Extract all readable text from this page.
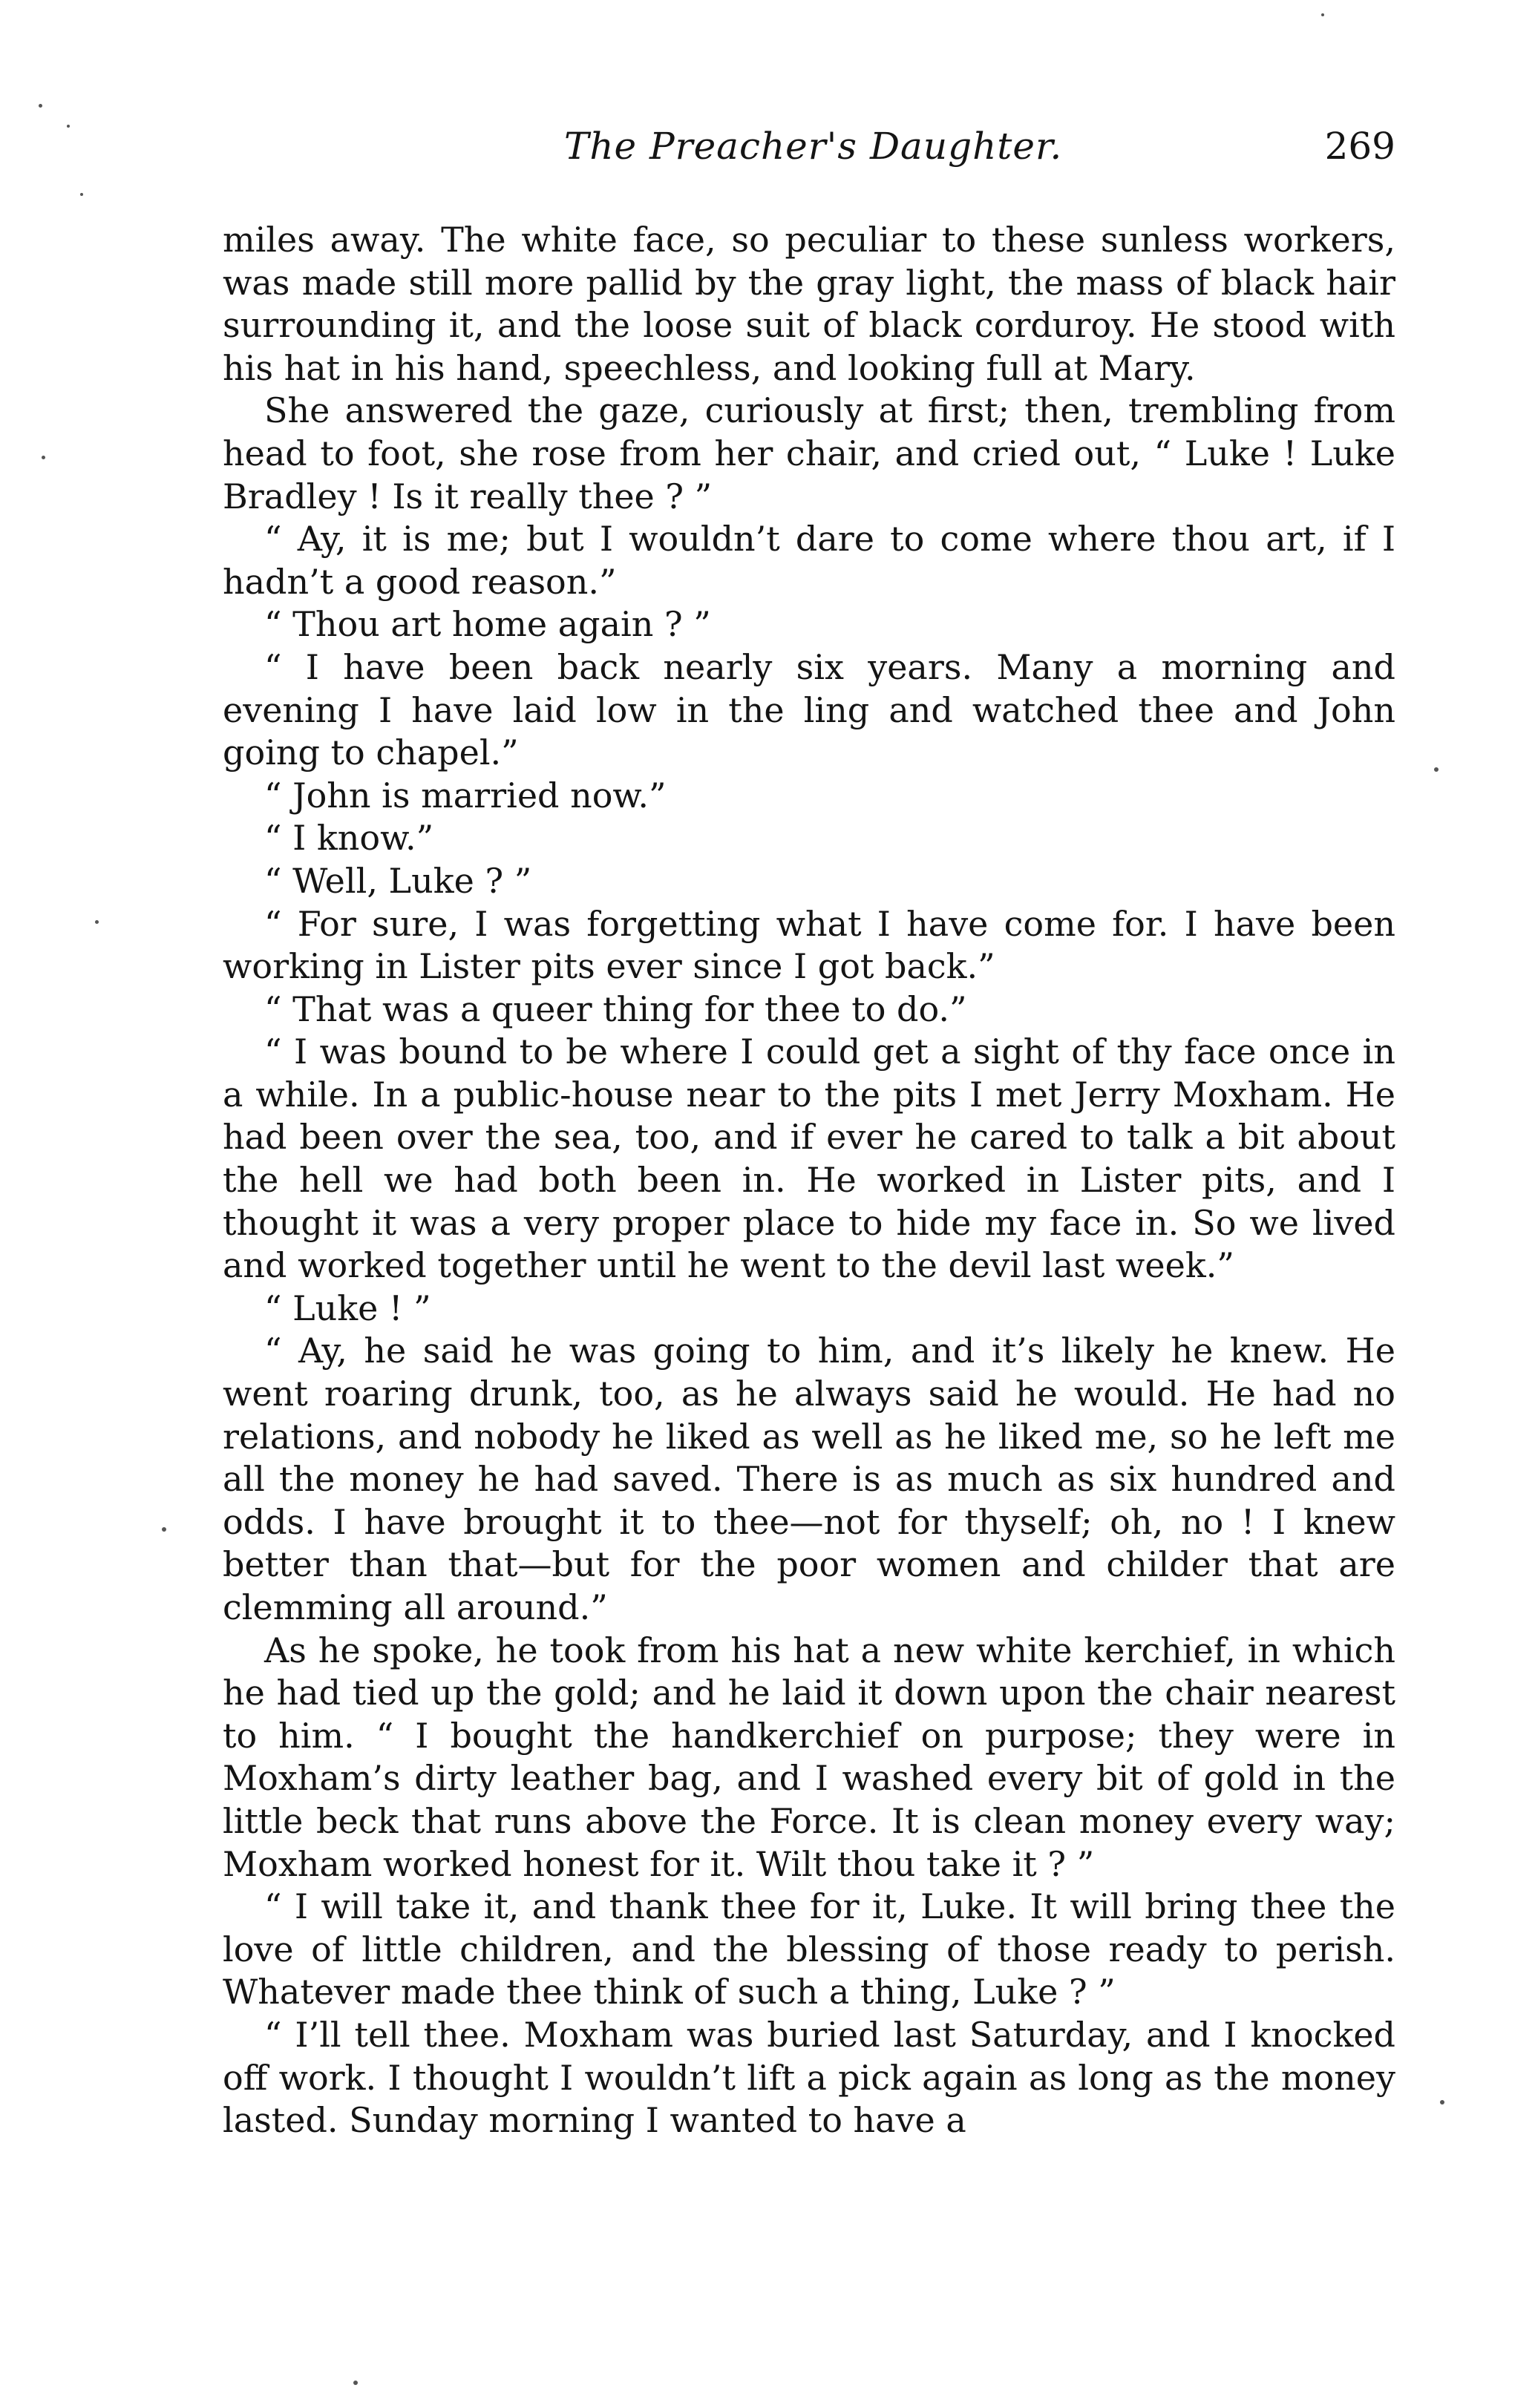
The Preacher's Daughter.	269

miles away. The white face, so peculiar to these sunless workers, was made still more pallid by the gray light, the mass of black hair surrounding it, and the loose suit of black corduroy. He stood with his hat in his hand, speechless, and looking full at Mary.

She answered the gaze, curiously at first; then, trembling from head to foot, she rose from her chair, and cried out, “ Luke ! Luke Bradley ! Is it really thee ? ”

“ Ay, it is me; but I wouldn’t dare to come where thou art, if I hadn’t a good reason.”

“ Thou art home again ? ”

“ I have been back nearly six years. Many a morning and evening I have laid low in the ling and watched thee and John going to chapel.”

“ John is married now.”

“ I know.”

“ Well, Luke ? ”

“ For sure, I was forgetting what I have come for. I have been working in Lister pits ever since I got back.”

“ That was a queer thing for thee to do.”

“ I was bound to be where I could get a sight of thy face once in a while. In a public-house near to the pits I met Jerry Moxham. He had been over the sea, too, and if ever he cared to talk a bit about the hell we had both been in. He worked in Lister pits, and I thought it was a very proper place to hide my face in. So we lived and worked together until he went to the devil last week.”

“ Luke ! ”

“ Ay, he said he was going to him, and it’s likely he knew. He went roaring drunk, too, as he always said he would. He had no relations, and nobody he liked as well as he liked me, so he left me all the money he had saved. There is as much as six hundred and odds. I have brought it to thee—not for thyself; oh, no ! I knew better than that—but for the poor women and childer that are clemming all around.”

As he spoke, he took from his hat a new white kerchief, in which he had tied up the gold; and he laid it down upon the chair nearest to him. “ I bought the handkerchief on purpose; they were in Moxham’s dirty leather bag, and I washed every bit of gold in the little beck that runs above the Force. It is clean money every way; Moxham worked honest for it. Wilt thou take it ? ”

“ I will take it, and thank thee for it, Luke. It will bring thee the love of little children, and the blessing of those ready to perish. Whatever made thee think of such a thing, Luke ? ”

“ I’ll tell thee. Moxham was buried last Saturday, and I knocked off work. I thought I wouldn’t lift a pick again as long as the money lasted. Sunday morning I wanted to have a
